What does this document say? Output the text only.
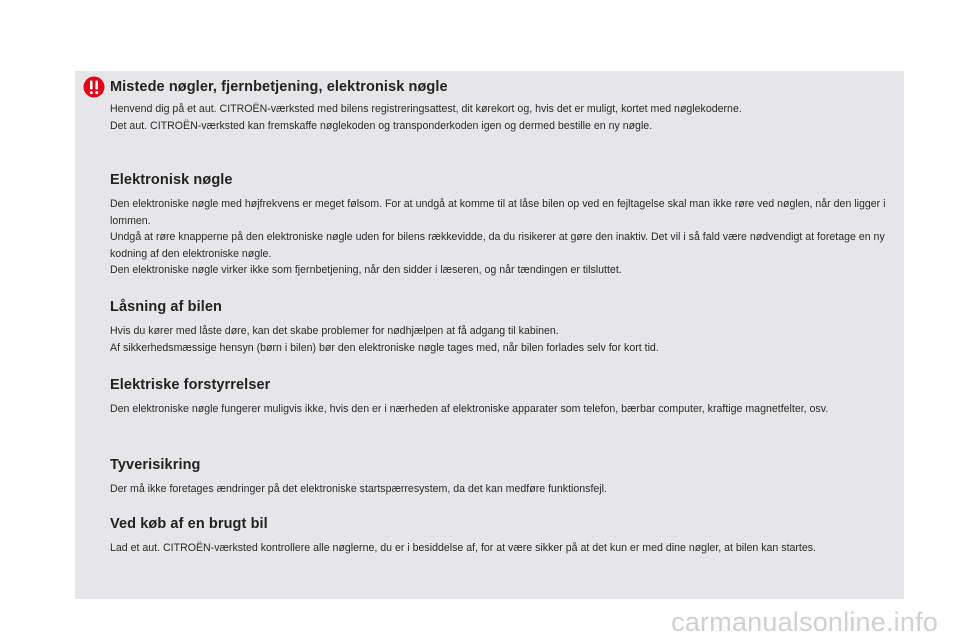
Mistede nøgler, fjernbetjening, elektronisk nøgle

Henvend dig på et aut. CITROËN-værksted med bilens registreringsattest, dit kørekort og, hvis det er muligt, kortet med nøglekoderne.

Det aut. CITROËN-værksted kan fremskaffe nøglekoden og transponderkoden igen og dermed bestille en ny nøgle.

Elektronisk nøgle

Den elektroniske nøgle med højfrekvens er meget følsom. For at undgå at komme til at låse bilen op ved en fejltagelse skal man ikke røre ved nøglen, når den ligger i lommen.

Undgå at røre knapperne på den elektroniske nøgle uden for bilens rækkevidde, da du risikerer at gøre den inaktiv. Det vil i så fald være nødvendigt at foretage en ny kodning af den elektroniske nøgle.

Den elektroniske nøgle virker ikke som fjernbetjening, når den sidder i læseren, og når tændingen er tilsluttet.

Låsning af bilen

Hvis du kører med låste døre, kan det skabe problemer for nødhjælpen at få adgang til kabinen.

Af sikkerhedsmæssige hensyn (børn i bilen) bør den elektroniske nøgle tages med, når bilen forlades selv for kort tid.

Elektriske forstyrrelser

Den elektroniske nøgle fungerer muligvis ikke, hvis den er i nærheden af elektroniske apparater som telefon, bærbar computer, kraftige magnetfelter, osv.

Tyverisikring

Der må ikke foretages ændringer på det elektroniske startspærresystem, da det kan medføre funktionsfejl.

Ved køb af en brugt bil

Lad et aut. CITROËN-værksted kontrollere alle nøglerne, du er i besiddelse af, for at være sikker på at det kun er med dine nøgler, at bilen kan startes.

carmanualsonline.info
